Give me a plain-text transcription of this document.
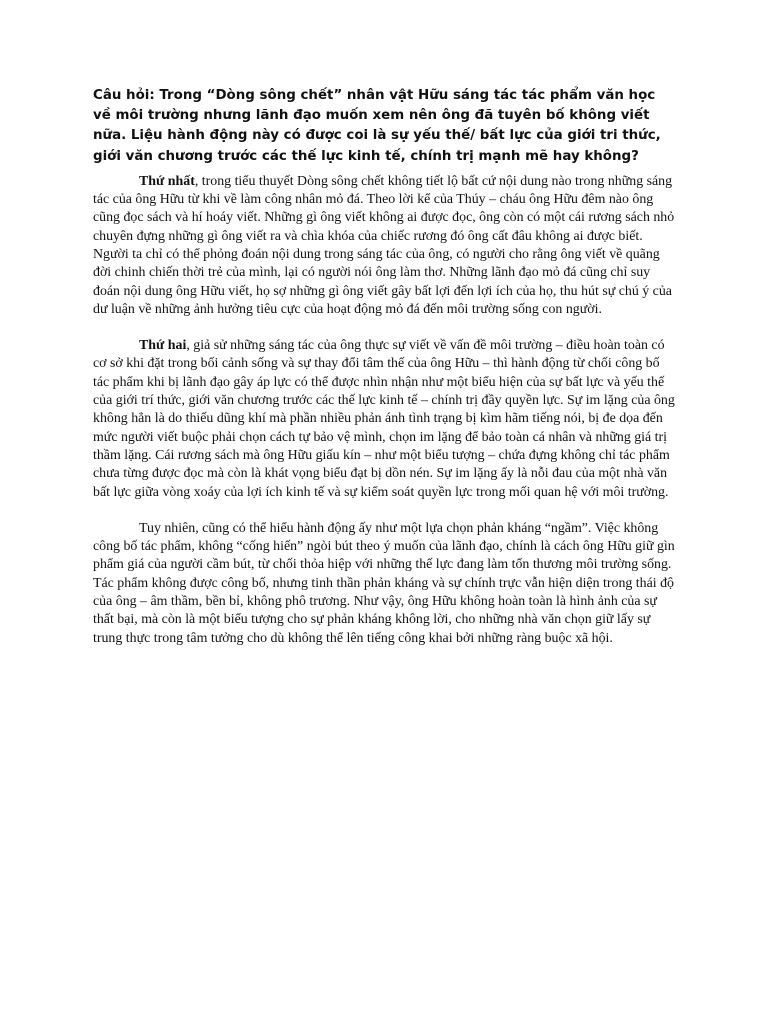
Câu hỏi: Trong “Dòng sông chết” nhân vật Hữu sáng tác tác phẩm văn học về môi trường nhưng lãnh đạo muốn xem nên ông đã tuyên bố không viết nữa. Liệu hành động này có được coi là sự yếu thế/ bất lực của giới tri thức, giới văn chương trước các thế lực kinh tế, chính trị mạnh mẽ hay không?

Thứ nhất, trong tiểu thuyết Dòng sông chết không tiết lộ bất cứ nội dung nào trong những sáng tác của ông Hữu từ khi về làm công nhân mỏ đá. Theo lời kể của Thúy – cháu ông Hữu đêm nào ông cũng đọc sách và hí hoáy viết. Những gì ông viết không ai được đọc, ông còn có một cái rương sách nhỏ chuyên đựng những gì ông viết ra và chìa khóa của chiếc rương đó ông cất đâu không ai được biết. Người ta chỉ có thể phỏng đoán nội dung trong sáng tác của ông, có người cho rằng ông viết về quãng đời chinh chiến thời trẻ của mình, lại có người nói ông làm thơ. Những lãnh đạo mỏ đá cũng chỉ suy đoán nội dung ông Hữu viết, họ sợ những gì ông viết gây bất lợi đến lợi ích của họ, thu hút sự chú ý của dư luận về những ảnh hưởng tiêu cực của hoạt động mỏ đá đến môi trường sống con người.

Thứ hai, giả sử những sáng tác của ông thực sự viết về vấn đề môi trường – điều hoàn toàn có cơ sở khi đặt trong bối cảnh sống và sự thay đổi tâm thế của ông Hữu – thì hành động từ chối công bố tác phẩm khi bị lãnh đạo gây áp lực có thể được nhìn nhận như một biểu hiện của sự bất lực và yếu thế của giới trí thức, giới văn chương trước các thế lực kinh tế – chính trị đầy quyền lực. Sự im lặng của ông không hẳn là do thiếu dũng khí mà phần nhiều phản ánh tình trạng bị kìm hãm tiếng nói, bị đe dọa đến mức người viết buộc phải chọn cách tự bảo vệ mình, chọn im lặng để bảo toàn cá nhân và những giá trị thầm lặng. Cái rương sách mà ông Hữu giấu kín – như một biểu tượng – chứa đựng không chỉ tác phẩm chưa từng được đọc mà còn là khát vọng biểu đạt bị dồn nén. Sự im lặng ấy là nỗi đau của một nhà văn bất lực giữa vòng xoáy của lợi ích kinh tế và sự kiểm soát quyền lực trong mối quan hệ với môi trường.

Tuy nhiên, cũng có thể hiểu hành động ấy như một lựa chọn phản kháng “ngầm”. Việc không công bố tác phẩm, không “cống hiến” ngòi bút theo ý muốn của lãnh đạo, chính là cách ông Hữu giữ gìn phẩm giá của người cầm bút, từ chối thỏa hiệp với những thế lực đang làm tổn thương môi trường sống. Tác phẩm không được công bố, nhưng tinh thần phản kháng và sự chính trực vẫn hiện diện trong thái độ của ông – âm thầm, bền bỉ, không phô trương. Như vậy, ông Hữu không hoàn toàn là hình ảnh của sự thất bại, mà còn là một biểu tượng cho sự phản kháng không lời, cho những nhà văn chọn giữ lấy sự trung thực trong tâm tưởng cho dù không thể lên tiếng công khai bởi những ràng buộc xã hội.
